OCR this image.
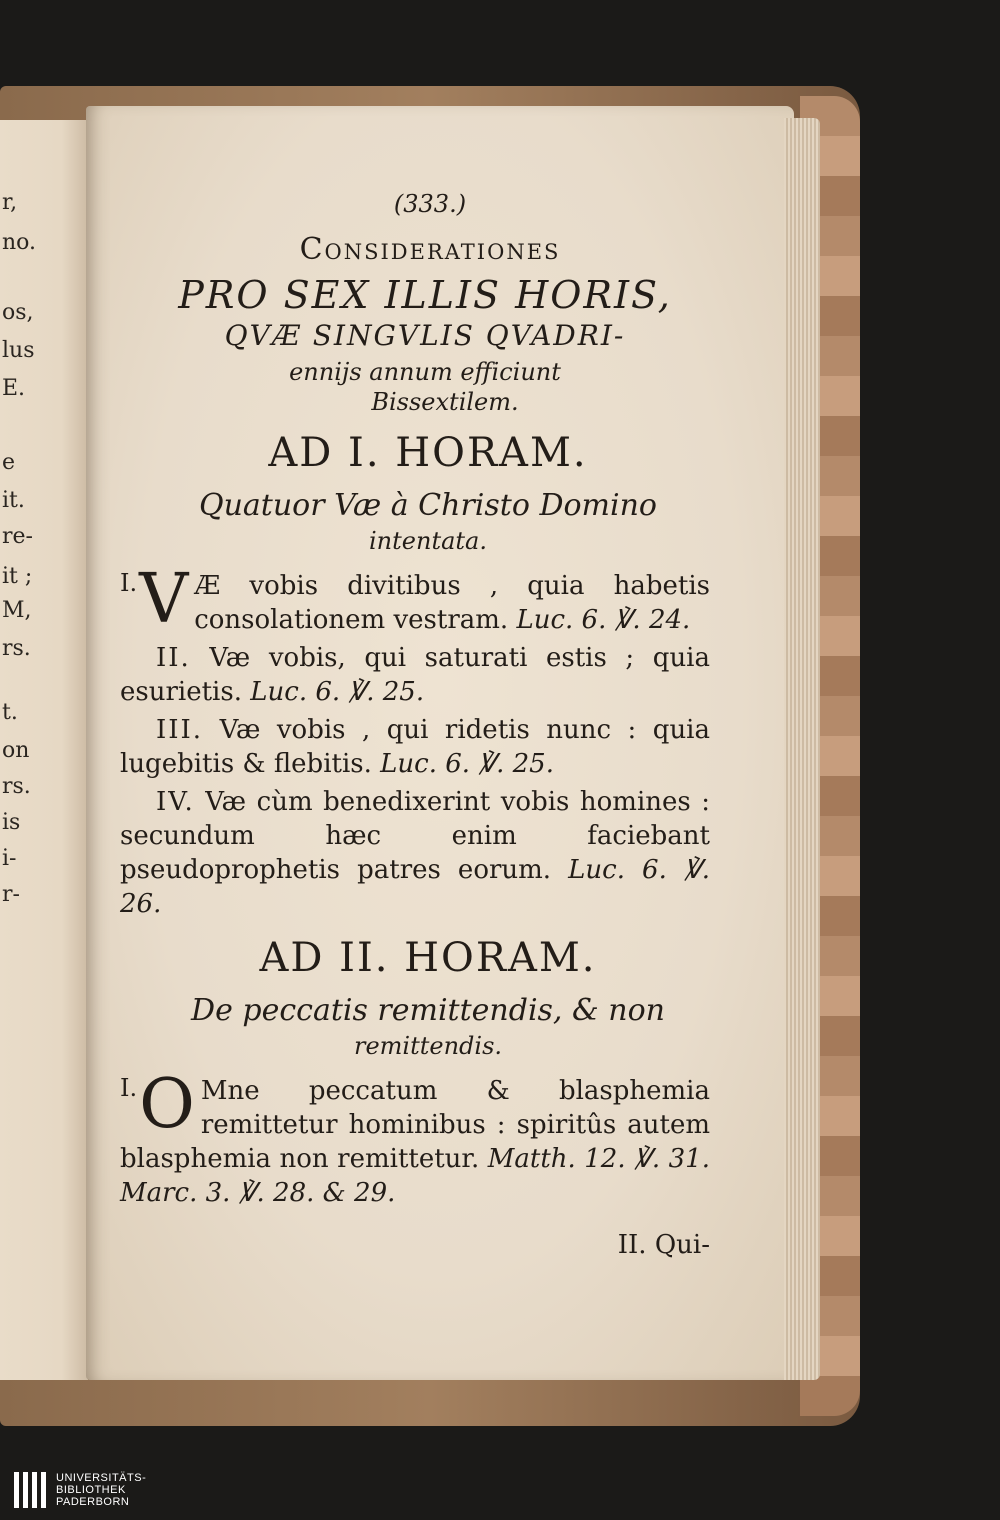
r,
no.
os,
lus
E.
e
it.
re-
it ;
M,
rs.
t.
on
rs.
is
i-
r-
(333.)
Considerationes
PRO SEX ILLIS HORIS,
QVÆ SINGVLIS QVADRI-
ennijs annum efficiunt
Bissextilem.
AD I. HORAM.
Quatuor Væ à Christo Domino
intentata.
I. V Æ vobis divitibus , quia habetis consolationem vestram. Luc. 6. ℣. 24.
II. Væ vobis, qui saturati estis ; quia esurietis. Luc. 6. ℣. 25.
III. Væ vobis , qui ridetis nunc : quia lugebitis & flebitis. Luc. 6. ℣. 25.
IV. Væ cùm benedixerint vobis homines : secundum hæc enim faciebant pseudoprophetis patres eorum. Luc. 6. ℣. 26.
AD II. HORAM.
De peccatis remittendis, & non
remittendis.
I. O Mne peccatum & blasphemia remittetur hominibus : spiritûs autem blasphemia non remittetur. Matth. 12. ℣. 31. Marc. 3. ℣. 28. & 29.
II. Qui-
UNIVERSITÄTS-
BIBLIOTHEK
PADERBORN
